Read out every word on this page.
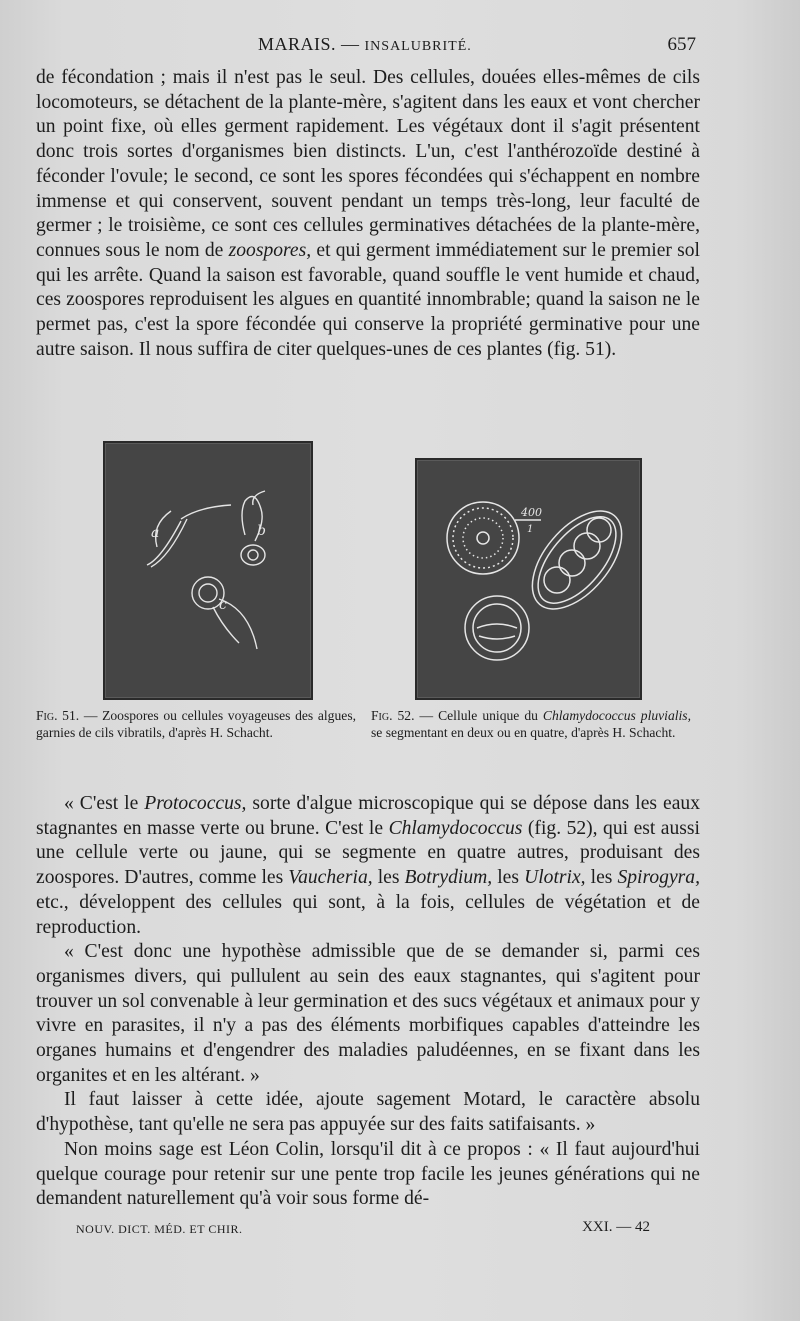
MARAIS. — INSALUBRITÉ.	657

de fécondation ; mais il n'est pas le seul. Des cellules, douées elles-mêmes de cils locomoteurs, se détachent de la plante-mère, s'agitent dans les eaux et vont chercher un point fixe, où elles germent rapidement. Les végétaux dont il s'agit présentent donc trois sortes d'organismes bien distincts. L'un, c'est l'anthérozoïde destiné à féconder l'ovule; le second, ce sont les spores fécondées qui s'échappent en nombre immense et qui conservent, souvent pendant un temps très-long, leur faculté de germer ; le troisième, ce sont ces cellules germinatives détachées de la plante-mère, connues sous le nom de zoospores, et qui germent immédiatement sur le premier sol qui les arrête. Quand la saison est favorable, quand souffle le vent humide et chaud, ces zoospores reproduisent les algues en quantité innombrable; quand la saison ne le permet pas, c'est la spore fécondée qui conserve la propriété germinative pour une autre saison. Il nous suffira de citer quelques-unes de ces plantes (fig. 51).

a	b
c
400
1
Fig. 51. — Zoospores ou cellules voyageuses des algues, garnies de cils vibratils, d'après H. Schacht.
Fig. 52. — Cellule unique du Chlamydococcus pluvialis, se segmentant en deux ou en quatre, d'après H. Schacht.

« C'est le Protococcus, sorte d'algue microscopique qui se dépose dans les eaux stagnantes en masse verte ou brune. C'est le Chlamydococcus (fig. 52), qui est aussi une cellule verte ou jaune, qui se segmente en quatre autres, produisant des zoospores. D'autres, comme les Vaucheria, les Botrydium, les Ulotrix, les Spirogyra, etc., développent des cellules qui sont, à la fois, cellules de végétation et de reproduction.

« C'est donc une hypothèse admissible que de se demander si, parmi ces organismes divers, qui pullulent au sein des eaux stagnantes, qui s'agitent pour trouver un sol convenable à leur germination et des sucs végétaux et animaux pour y vivre en parasites, il n'y a pas des éléments morbifiques capables d'atteindre les organes humains et d'engendrer des maladies paludéennes, en se fixant dans les organites et en les altérant. »

Il faut laisser à cette idée, ajoute sagement Motard, le caractère absolu d'hypothèse, tant qu'elle ne sera pas appuyée sur des faits satifaisants. »

Non moins sage est Léon Colin, lorsqu'il dit à ce propos : « Il faut aujourd'hui quelque courage pour retenir sur une pente trop facile les jeunes générations qui ne demandent naturellement qu'à voir sous forme dé-

NOUV. DICT. MÉD. ET CHIR.	XXI. — 42
